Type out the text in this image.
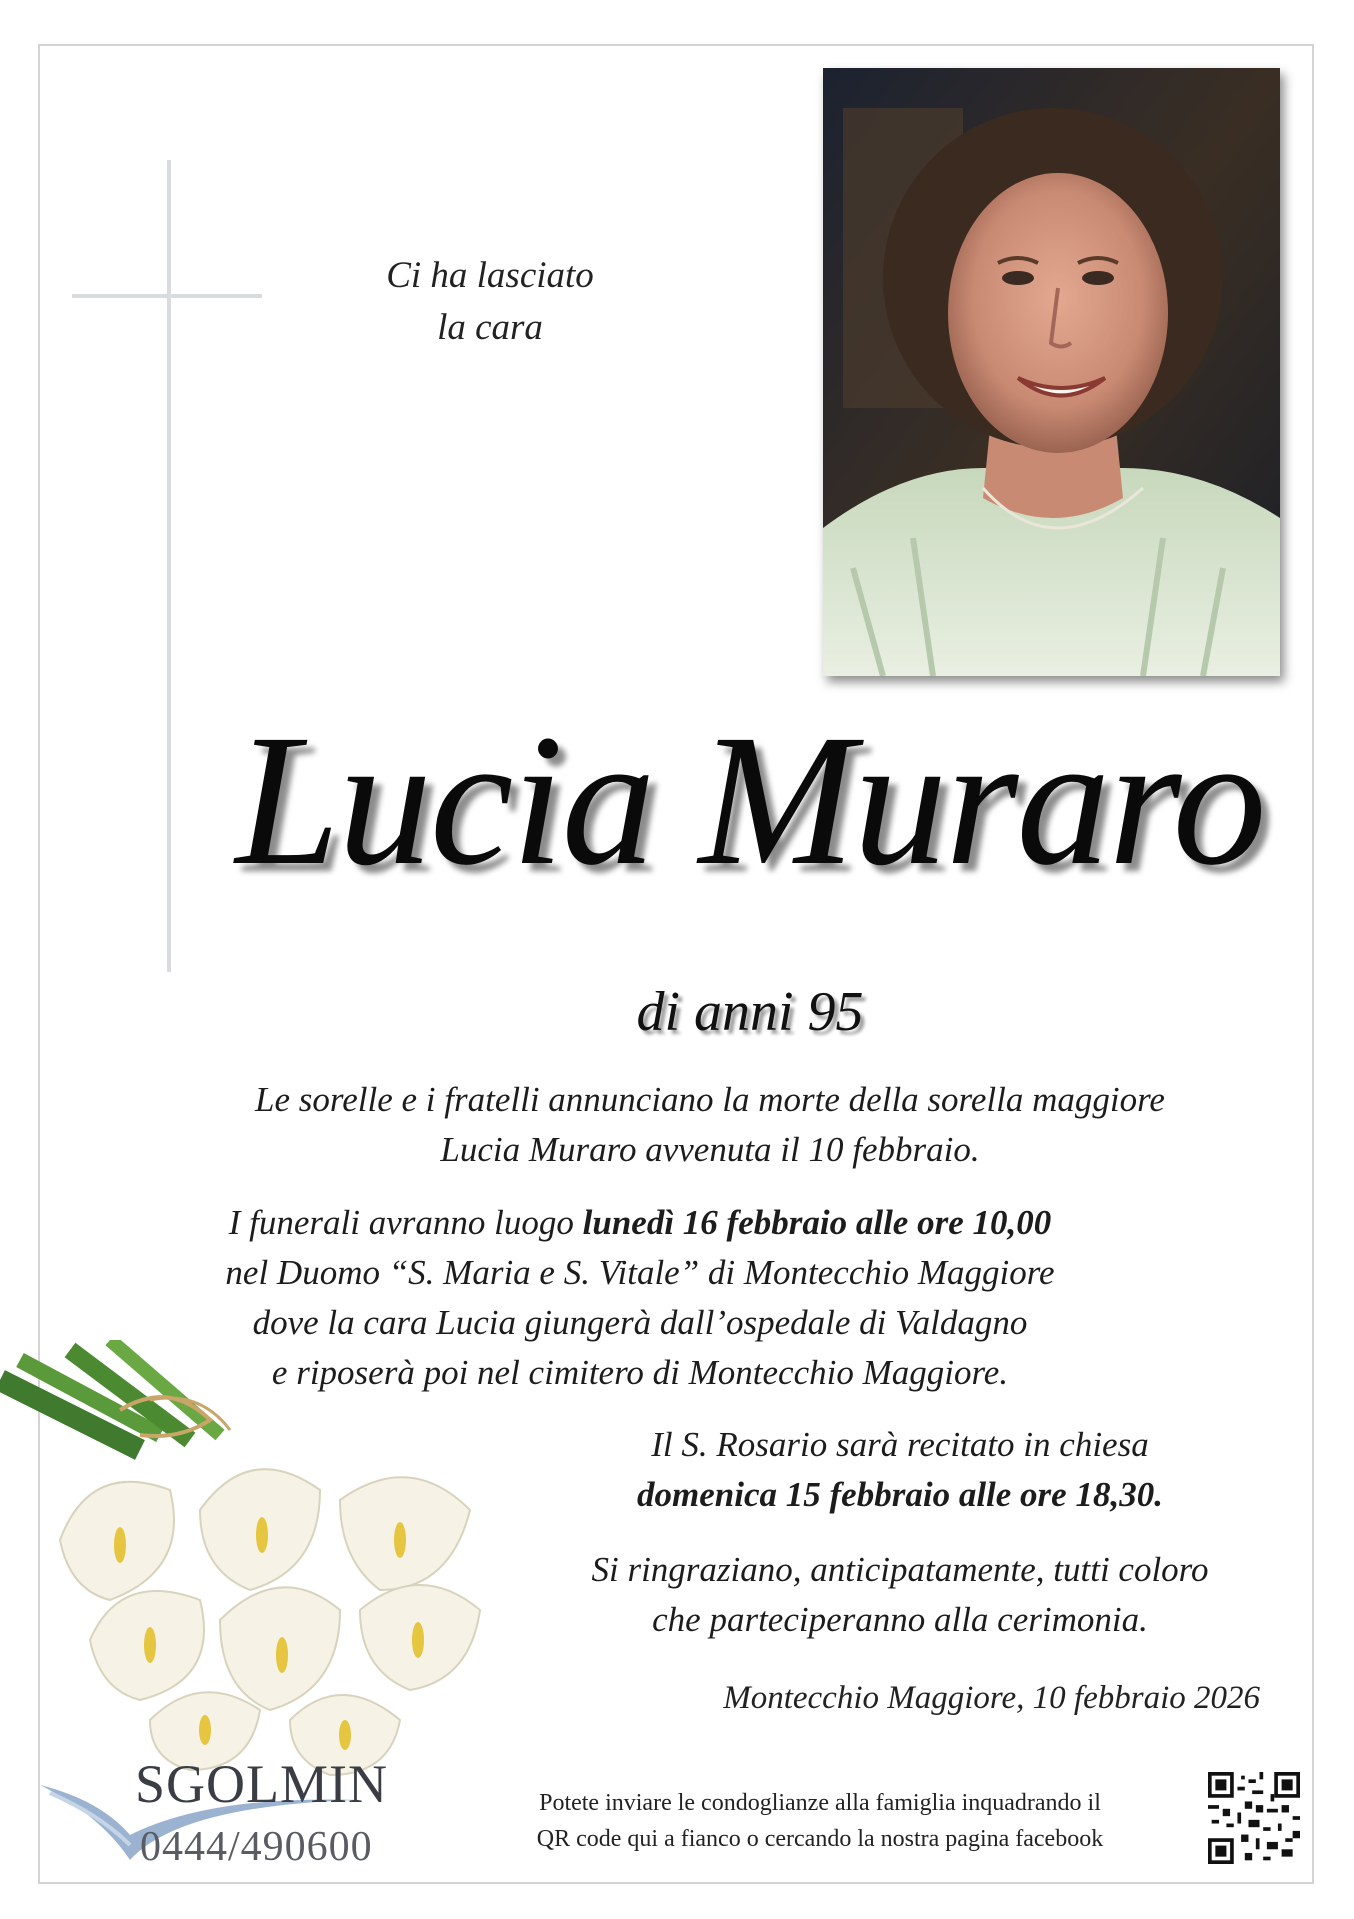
Ci ha lasciato
la cara
Lucia Muraro
di anni 95
Le sorelle e i fratelli annunciano la morte della sorella maggiore
Lucia Muraro avvenuta il 10 febbraio.
I funerali avranno luogo lunedì 16 febbraio alle ore 10,00
nel Duomo “S. Maria e S. Vitale” di Montecchio Maggiore
dove la cara Lucia giungerà dall’ospedale di Valdagno
e riposerà poi nel cimitero di Montecchio Maggiore.
Il S. Rosario sarà recitato in chiesa
domenica 15 febbraio alle ore 18,30.
Si ringraziano, anticipatamente, tutti coloro
che parteciperanno alla cerimonia.
Montecchio Maggiore, 10 febbraio 2026
SGOLMIN
0444/490600
Potete inviare le condoglianze alla famiglia inquadrando il
QR code qui a fianco o cercando la nostra pagina facebook
